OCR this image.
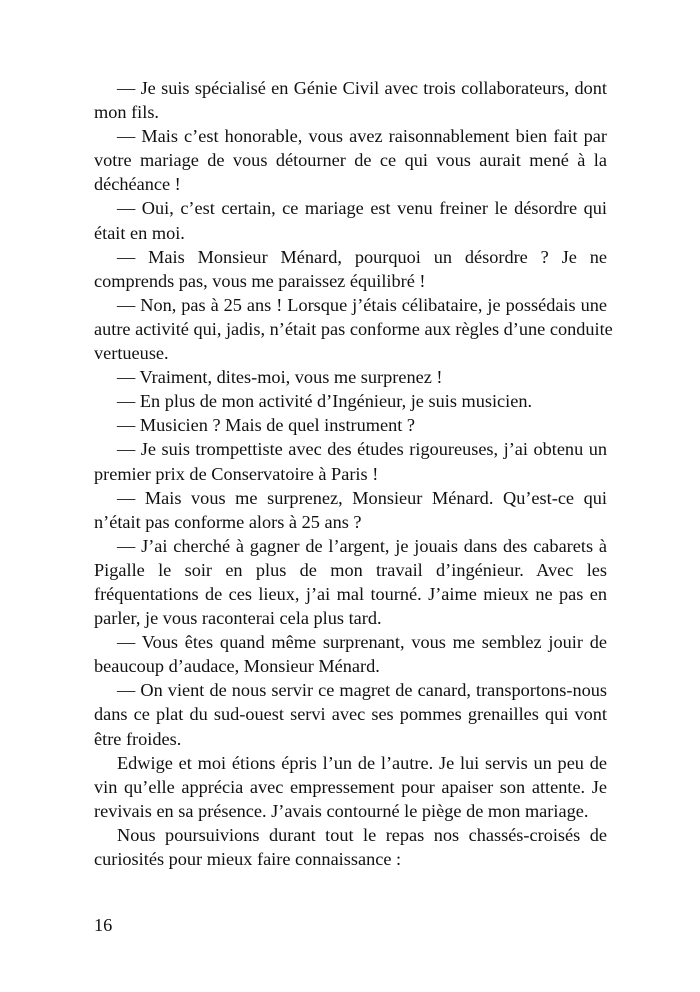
— Je suis spécialisé en Génie Civil avec trois collaborateurs, dont
mon fils.
— Mais c’est honorable, vous avez raisonnablement bien fait par
votre mariage de vous détourner de ce qui vous aurait mené à la
déchéance !
— Oui, c’est certain, ce mariage est venu freiner le désordre qui
était en moi.
— Mais Monsieur Ménard, pourquoi un désordre ? Je ne
comprends pas, vous me paraissez équilibré !
— Non, pas à 25 ans ! Lorsque j’étais célibataire, je possédais une
autre activité qui, jadis, n’était pas conforme aux règles d’une conduite
vertueuse.
— Vraiment, dites-moi, vous me surprenez !
— En plus de mon activité d’Ingénieur, je suis musicien.
— Musicien ? Mais de quel instrument ?
— Je suis trompettiste avec des études rigoureuses, j’ai obtenu un
premier prix de Conservatoire à Paris !
— Mais vous me surprenez, Monsieur Ménard. Qu’est-ce qui
n’était pas conforme alors à 25 ans ?
— J’ai cherché à gagner de l’argent, je jouais dans des cabarets à
Pigalle le soir en plus de mon travail d’ingénieur. Avec les
fréquentations de ces lieux, j’ai mal tourné. J’aime mieux ne pas en
parler, je vous raconterai cela plus tard.
— Vous êtes quand même surprenant, vous me semblez jouir de
beaucoup d’audace, Monsieur Ménard.
— On vient de nous servir ce magret de canard, transportons-nous
dans ce plat du sud-ouest servi avec ses pommes grenailles qui vont
être froides.
Edwige et moi étions épris l’un de l’autre. Je lui servis un peu de
vin qu’elle apprécia avec empressement pour apaiser son attente. Je
revivais en sa présence. J’avais contourné le piège de mon mariage.
Nous poursuivions durant tout le repas nos chassés-croisés de
curiosités pour mieux faire connaissance :
16
